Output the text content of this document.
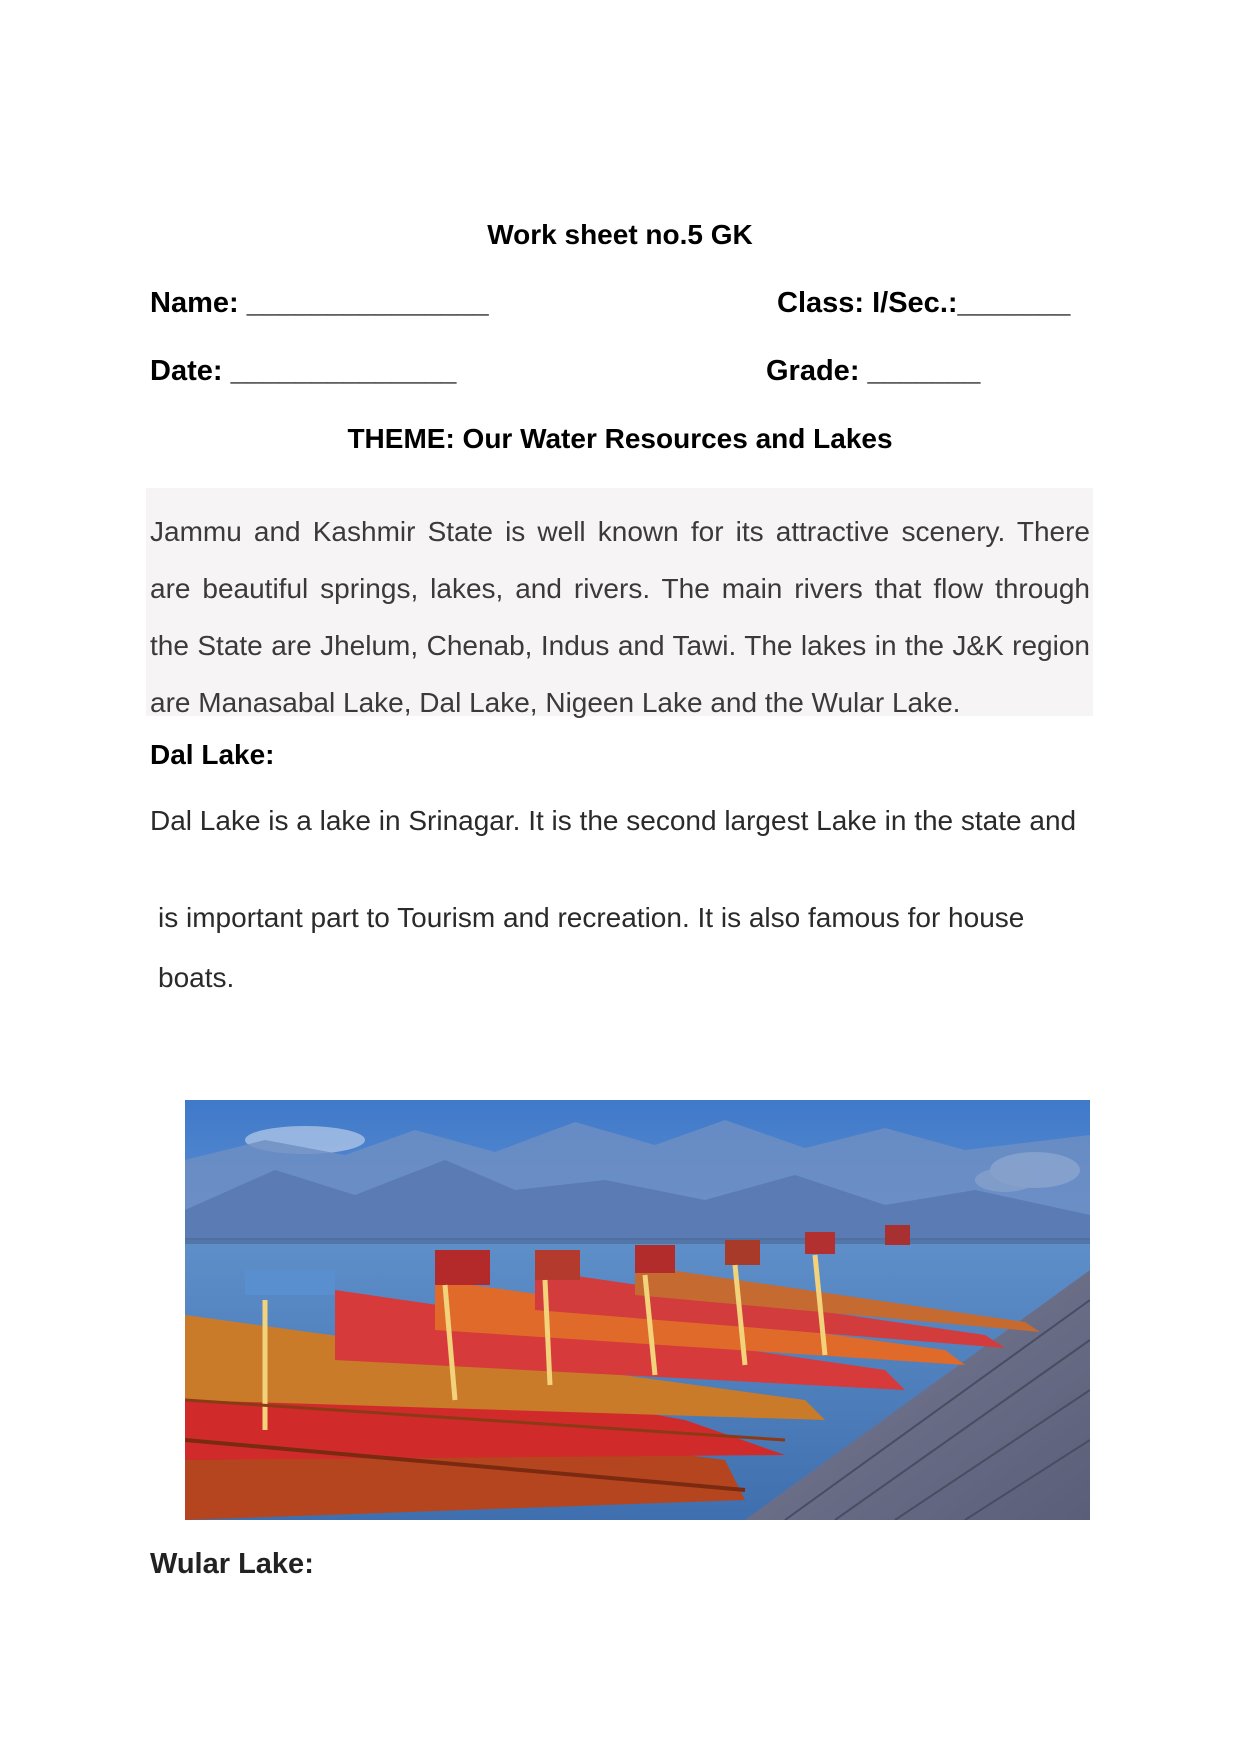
Work sheet no.5 GK
Name: _______________	Class: I/Sec.:_______
Date: ______________	Grade: _______
THEME: Our Water Resources and Lakes

Jammu and Kashmir State is well known for its attractive scenery. There are beautiful springs, lakes, and rivers. The main rivers that flow through the State are Jhelum, Chenab, Indus and Tawi. The lakes in the J&K region are Manasabal Lake, Dal Lake, Nigeen Lake and the Wular Lake.

Dal Lake:

Dal Lake is a lake in Srinagar. It is the second largest Lake in the state and

is important part to Tourism and recreation. It is also famous for house

boats.

Wular Lake:
